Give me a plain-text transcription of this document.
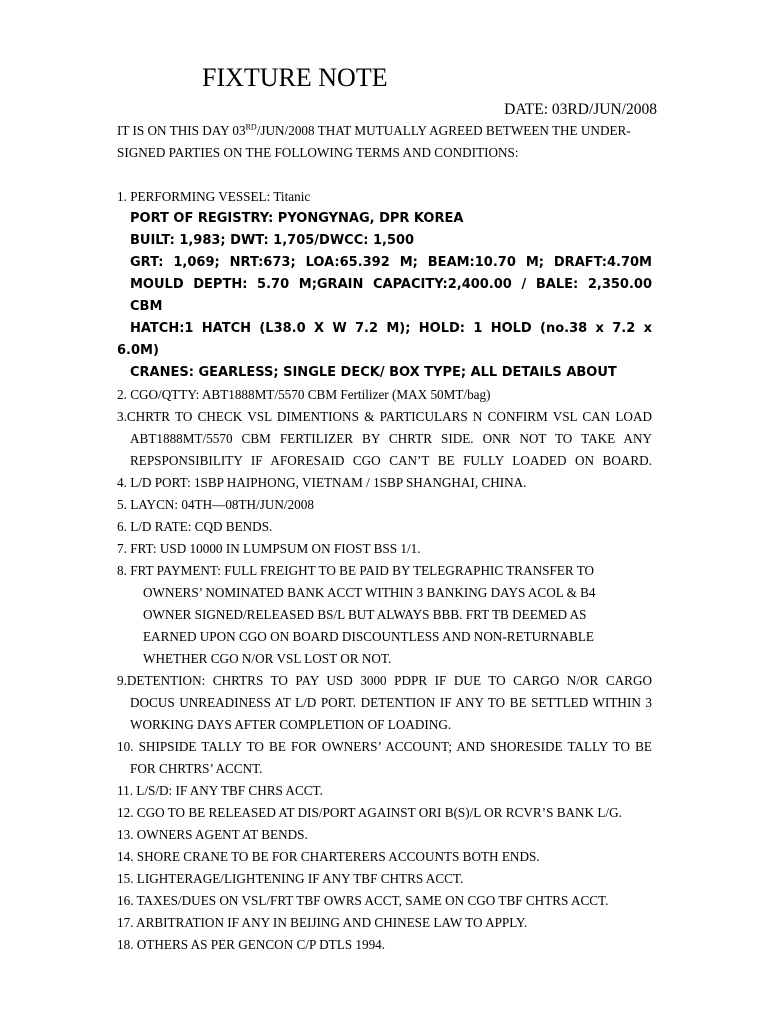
FIXTURE NOTE
DATE: 03RD/JUN/2008
IT IS ON THIS DAY 03RD/JUN/2008 THAT MUTUALLY AGREED BETWEEN THE UNDER-
SIGNED PARTIES ON THE FOLLOWING TERMS AND CONDITIONS:
1. PERFORMING VESSEL: Titanic
PORT OF REGISTRY: PYONGYNAG, DPR KOREA
BUILT: 1,983; DWT: 1,705/DWCC: 1,500
GRT: 1,069; NRT:673; LOA:65.392 M; BEAM:10.70 M; DRAFT:4.70M
MOULD DEPTH: 5.70 M;GRAIN CAPACITY:2,400.00 / BALE: 2,350.00
CBM
HATCH:1 HATCH (L38.0 X W 7.2 M); HOLD: 1 HOLD (no.38 x 7.2 x
6.0M)
CRANES: GEARLESS; SINGLE DECK/ BOX TYPE; ALL DETAILS ABOUT
2. CGO/QTTY: ABT1888MT/5570 CBM Fertilizer (MAX 50MT/bag)
3.CHRTR TO CHECK VSL DIMENTIONS & PARTICULARS N CONFIRM VSL CAN LOAD
ABT1888MT/5570 CBM FERTILIZER BY CHRTR SIDE. ONR NOT TO TAKE ANY
REPSPONSIBILITY IF AFORESAID CGO CAN’T BE FULLY LOADED ON BOARD.
4. L/D PORT: 1SBP HAIPHONG, VIETNAM / 1SBP SHANGHAI, CHINA.
5. LAYCN: 04TH—08TH/JUN/2008
6. L/D RATE: CQD BENDS.
7. FRT: USD 10000 IN LUMPSUM ON FIOST BSS 1/1.
8. FRT PAYMENT: FULL FREIGHT TO BE PAID BY TELEGRAPHIC TRANSFER TO
OWNERS’ NOMINATED BANK ACCT WITHIN 3 BANKING DAYS ACOL & B4
OWNER SIGNED/RELEASED BS/L BUT ALWAYS BBB. FRT TB DEEMED AS
EARNED UPON CGO ON BOARD DISCOUNTLESS AND NON-RETURNABLE
WHETHER CGO N/OR VSL LOST OR NOT.
9.DETENTION: CHRTRS TO PAY USD 3000 PDPR IF DUE TO CARGO N/OR CARGO
DOCUS UNREADINESS AT L/D PORT. DETENTION IF ANY TO BE SETTLED WITHIN 3
WORKING DAYS AFTER COMPLETION OF LOADING.
10. SHIPSIDE TALLY TO BE FOR OWNERS’ ACCOUNT; AND SHORESIDE TALLY TO BE
FOR CHRTRS’ ACCNT.
11. L/S/D: IF ANY TBF CHRS ACCT.
12. CGO TO BE RELEASED AT DIS/PORT AGAINST ORI B(S)/L OR RCVR’S BANK L/G.
13. OWNERS AGENT AT BENDS.
14. SHORE CRANE TO BE FOR CHARTERERS ACCOUNTS BOTH ENDS.
15. LIGHTERAGE/LIGHTENING IF ANY TBF CHTRS ACCT.
16. TAXES/DUES ON VSL/FRT TBF OWRS ACCT, SAME ON CGO TBF CHTRS ACCT.
17. ARBITRATION IF ANY IN BEIJING AND CHINESE LAW TO APPLY.
18. OTHERS AS PER GENCON C/P DTLS 1994.
